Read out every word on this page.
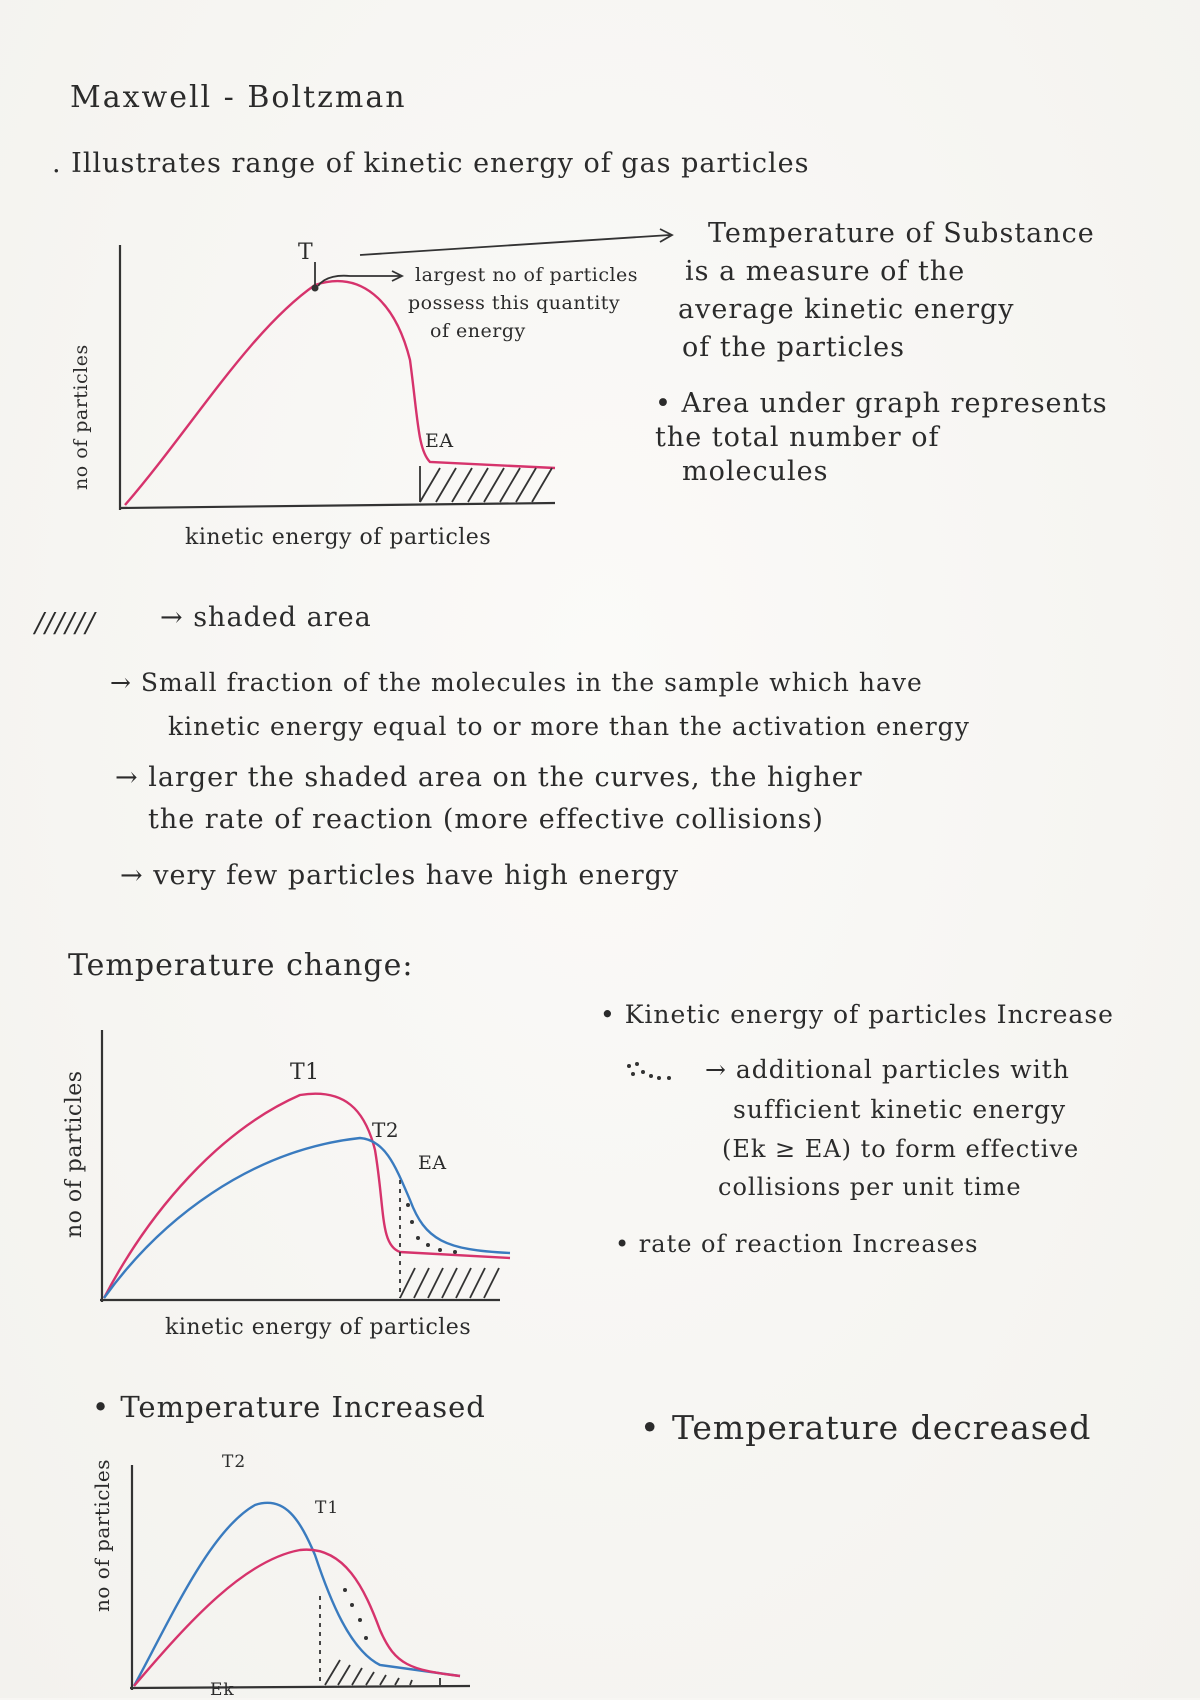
Maxwell - Boltzman
. Illustrates range of kinetic energy of gas particles
T
largest no of particles
possess this quantity
of energy
EA
no of particles
kinetic energy of particles
Temperature of Substance
is a measure of the
average kinetic energy
of the particles
• Area under graph represents
the total number of
molecules
////// → shaded area
→ Small fraction of the molecules in the sample which have
kinetic energy equal to or more than the activation energy
→ larger the shaded area on the curves, the higher
the rate of reaction (more effective collisions)
→ very few particles have high energy
Temperature change:
T1
T2
EA
no of particles
kinetic energy of particles
• Kinetic energy of particles Increase
→ additional particles with
sufficient kinetic energy
(Ek ≥ EA) to form effective
collisions per unit time
• rate of reaction Increases
• Temperature Increased
• Temperature decreased
T2
T1
no of particles
Ek
